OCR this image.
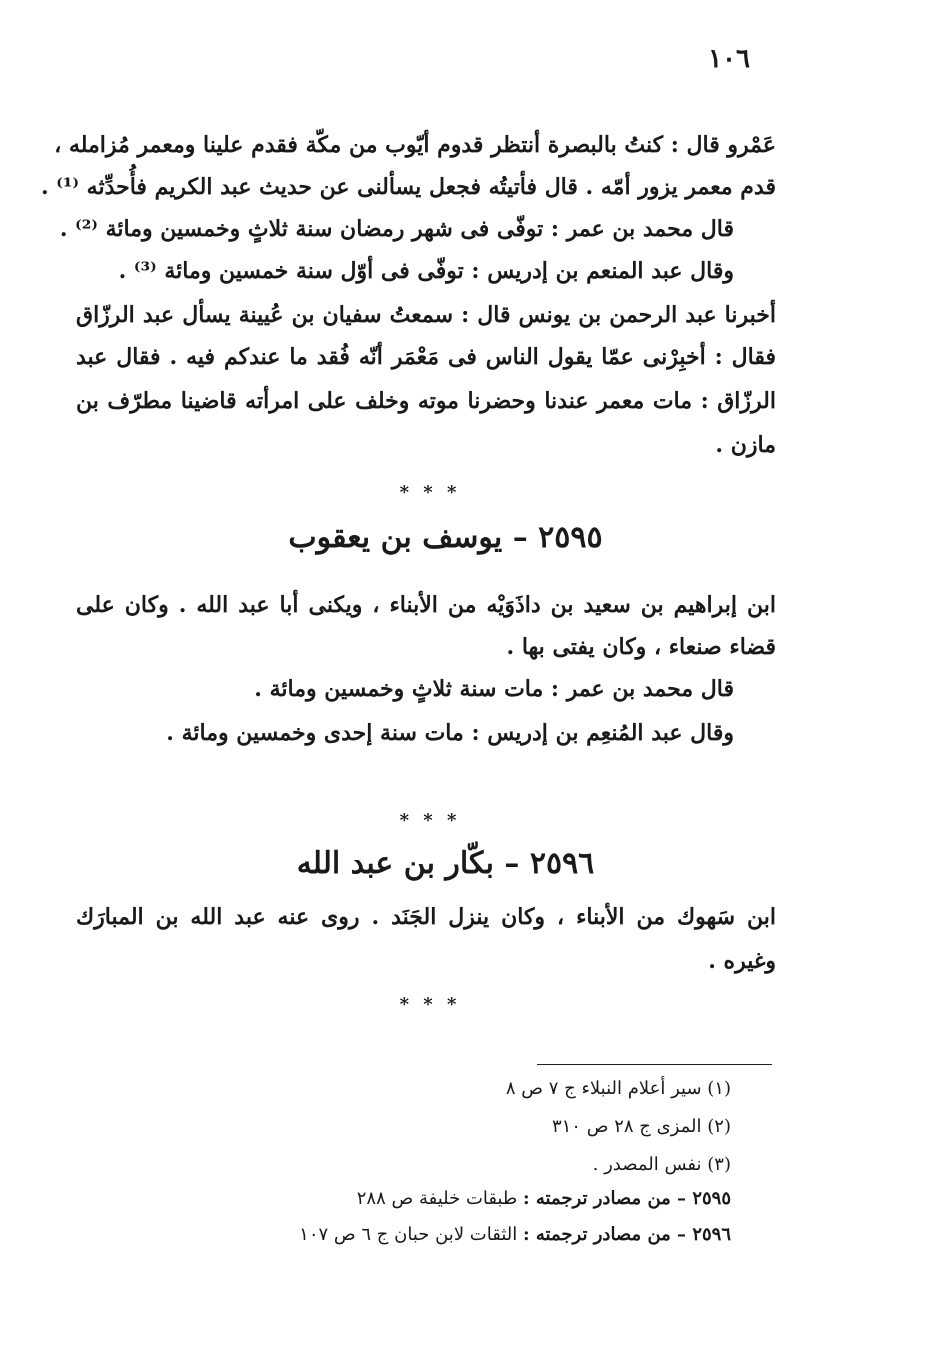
١٠٦
عَمْرو قال : كنتُ بالبصرة أنتظر قدوم أيّوب من مكّة فقدم علينا ومعمر مُزامله ،
قدم معمر يزور أمّه . قال فأتيتُه فجعل يسألنى عن حديث عبد الكريم فأُحدِّثه ⁽¹⁾ .
قال محمد بن عمر : توفّى فى شهر رمضان سنة ثلاثٍ وخمسين ومائة ⁽²⁾ .
وقال عبد المنعم بن إدريس : توفّى فى أوّل سنة خمسين ومائة ⁽³⁾ .
أخبرنا عبد الرحمن بن يونس قال : سمعتُ سفيان بن عُيينة يسأل عبد الرزّاق
فقال : أخبِرْنى عمّا يقول الناس فى مَعْمَر أنّه فُقد ما عندكم فيه . فقال عبد
الرزّاق : مات معمر عندنا وحضرنا موته وخلف على امرأته قاضينا مطرّف بن
مازن .
* * *
٢٥٩٥ – يوسف بن يعقوب
ابن إبراهيم بن سعيد بن داذَوَيْه من الأبناء ، ويكنى أبا عبد الله . وكان على
قضاء صنعاء ، وكان يفتى بها .
قال محمد بن عمر : مات سنة ثلاثٍ وخمسين ومائة .
وقال عبد المُنعِم بن إدريس : مات سنة إحدى وخمسين ومائة .
* * *
٢٥٩٦ – بكّار بن عبد الله
ابن سَهوك من الأبناء ، وكان ينزل الجَنَد . روى عنه عبد الله بن المبارَك
وغيره .
* * *
(١) سير أعلام النبلاء ج ٧ ص ٨
(٢) المزى ج ٢٨ ص ٣١٠
(٣) نفس المصدر .
٢٥٩٥ – من مصادر ترجمته : طبقات خليفة ص ٢٨٨
٢٥٩٦ – من مصادر ترجمته : الثقات لابن حبان ج ٦ ص ١٠٧
